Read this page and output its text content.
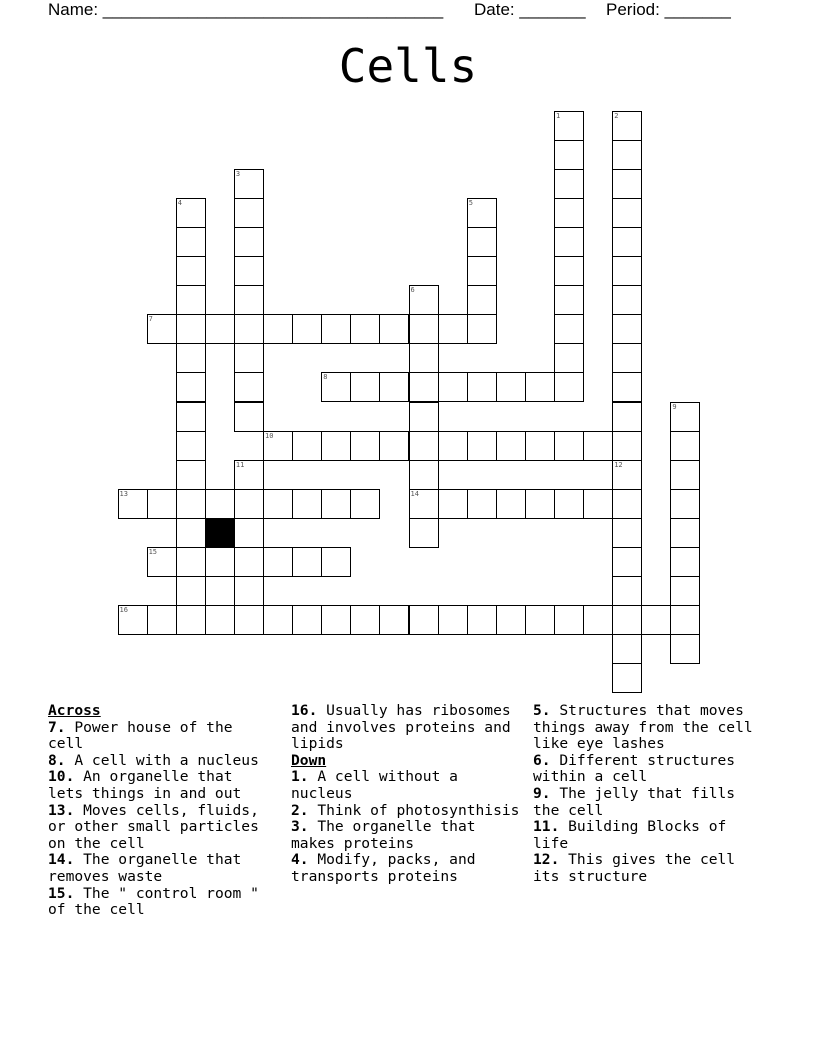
Name: ____________________________________ Date: _______ Period: _______
Cells
1	2
3
4	5
6
14
7
8
9
10
11	12
13
15
16
Across
7. Power house of the cell
8. A cell with a nucleus
10. An organelle that lets things in and out
13. Moves cells, fluids, or other small particles on the cell
14. The organelle that removes waste
15. The " control room " of the cell
16. Usually has ribosomes and involves proteins and lipids
Down
1. A cell without a nucleus
2. Think of photosynthisis
3. The organelle that makes proteins
4. Modify, packs, and transports proteins
5. Structures that moves things away from the cell like eye lashes
6. Different structures within a cell
9. The jelly that fills the cell
11. Building Blocks of life
12. This gives the cell its structure
